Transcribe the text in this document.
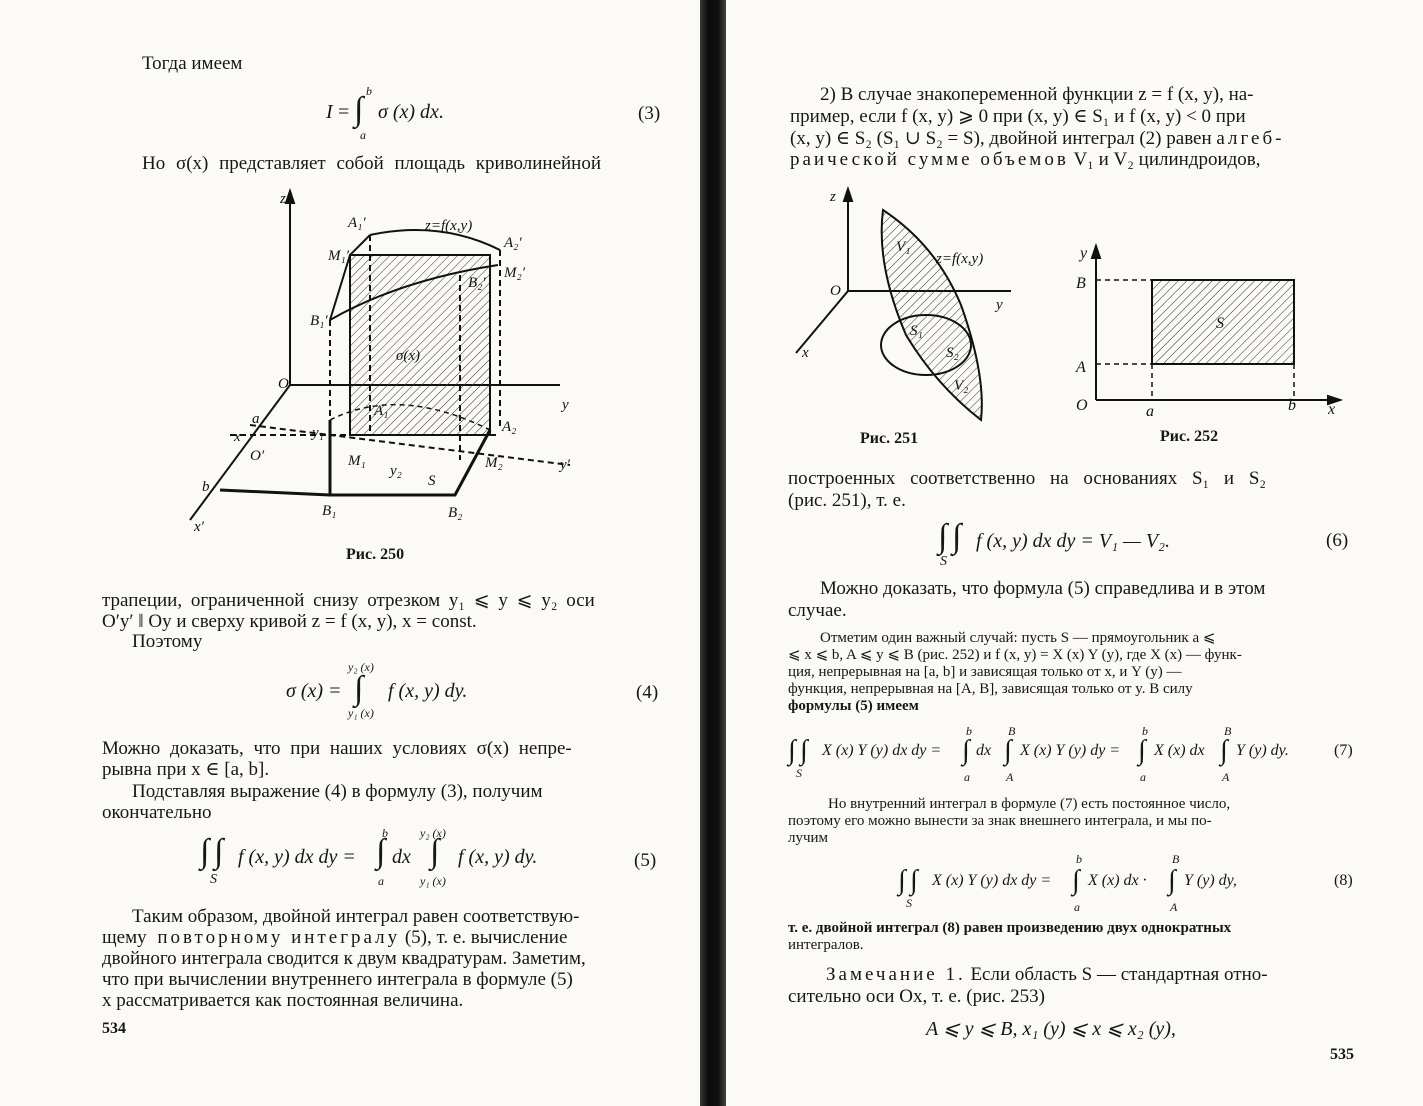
Тогда имеем
I = ∫ b
a
σ (x) dx.	(3)
Но σ(x) представляет собой площадь криволинейной
z
A₁′	z=f(x,y)
A₂′
M₁′
M₂′
B₂′
B₁′
σ(x)
O
y
a	A₁
A₂
x	y₁
O′	M₁
y₂
S
M₂	y′
b
B₁	B₂
x′
Рис. 250
трапеции, ограниченной снизу отрезком y₁ ⩽ y ⩽ y₂ оси
O′y′ ‖ Oy и сверху кривой z = f (x, y), x = const.
Поэтому
σ (x) = ∫
y₂ (x)
y₁ (x)
f (x, y) dy.	(4)
Можно доказать, что при наших условиях σ(x) непре-
рывна при x ∈ [a, b].
Подставляя выражение (4) в формулу (3), получим
окончательно
∫ ∫
S
f (x, y) dx dy = ∫
b
a
dx ∫
y₂ (x)
y₁ (x)
f (x, y) dy.	(5)
Таким образом, двойной интеграл равен соответствую-
щему повторному интегралу (5), т. е. вычисление
двойного интеграла сводится к двум квадратурам. Заметим,
что при вычислении внутреннего интеграла в формуле (5)
x рассматривается как постоянная величина.
534
2) В случае знакопеременной функции z = f (x, y), на-
пример, если f (x, y) ⩾ 0 при (x, y) ∈ S₁ и f (x, y) < 0 при
(x, y) ∈ S₂ (S₁ ∪ S₂ = S), двойной интеграл (2) равен алгеб-
раической сумме объемов V₁ и V₂ цилиндроидов,
z
V₁
z=f(x,y)
O
y
S₁
S₂
V₂
x
Рис. 251
y
B
S
A
O	a	b x
Рис. 252
построенных соответственно на основаниях S₁ и S₂
(рис. 251), т. е.
∫ ∫
S
f (x, y) dx dy = V₁ — V₂.	(6)
Можно доказать, что формула (5) справедлива и в этом
случае.
Отметим один важный случай: пусть S — прямоугольник a ⩽
⩽ x ⩽ b, A ⩽ y ⩽ B (рис. 252) и f (x, y) = X (x) Y (y), где X (x) — функ-
ция, непрерывная на [a, b] и зависящая только от x, и Y (y) —
функция, непрерывная на [A, B], зависящая только от y. В силу
формулы (5) имеем
∫ ∫
S
X (x) Y (y) dx dy = ∫
b
a
dx ∫
B
A
X (x) Y (y) dy = ∫
b
a
X (x) dx ∫
B
A
Y (y) dy.	(7)
Но внутренний интеграл в формуле (7) есть постоянное число,
поэтому его можно вынести за знак внешнего интеграла, и мы по-
лучим
∫ ∫
S
X (x) Y (y) dx dy = ∫
b
a
X (x) dx · ∫
B
A
Y (y) dy,	(8)
т. е. двойной интеграл (8) равен произведению двух однократных
интегралов.
Замечание 1. Если область S — стандартная отно-
сительно оси Ox, т. е. (рис. 253)
A ⩽ y ⩽ B, x₁ (y) ⩽ x ⩽ x₂ (y),
535
